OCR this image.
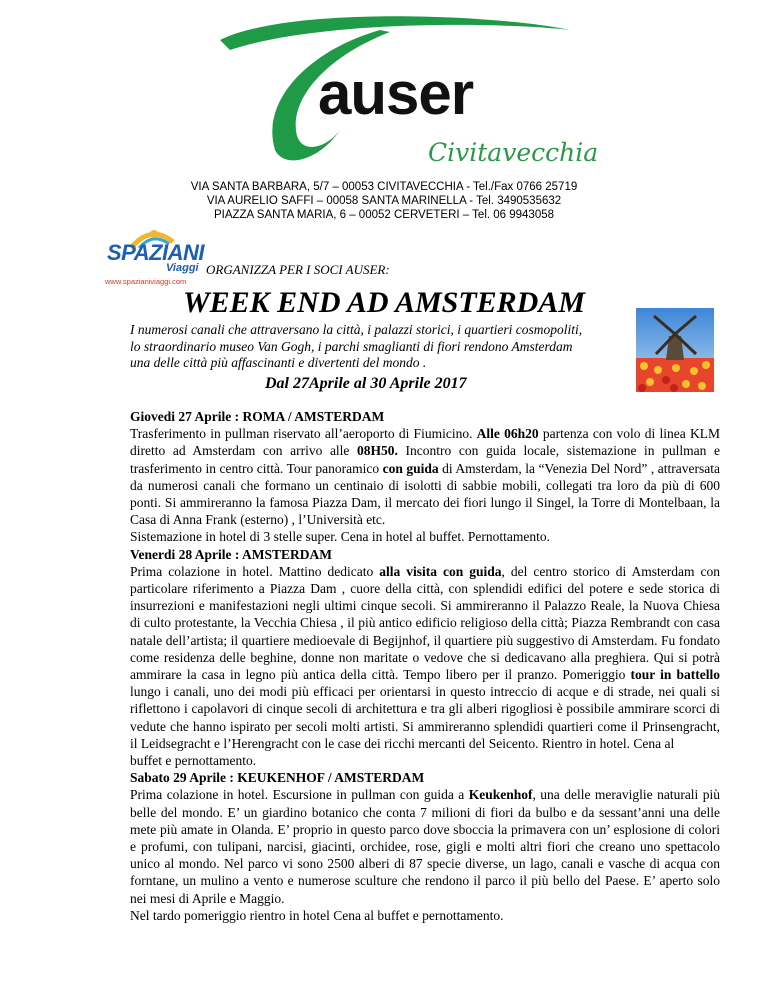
auser
Civitavecchia
VIA SANTA BARBARA, 5/7 – 00053 CIVITAVECCHIA - Tel./Fax 0766 25719
VIA AURELIO SAFFI – 00058 SANTA MARINELLA - Tel. 3490535632
PIAZZA SANTA MARIA, 6 – 00052 CERVETERI – Tel. 06 9943058
SPAZIANI
Viaggi
www.spazianiviaggi.com
ORGANIZZA PER I SOCI AUSER:
WEEK END AD AMSTERDAM
I numerosi canali che attraversano la città, i palazzi storici, i quartieri cosmopoliti,
lo straordinario museo Van Gogh, i parchi smaglianti di fiori rendono Amsterdam
una delle città più affascinanti e divertenti del mondo .
Dal 27Aprile al 30 Aprile 2017

Giovedi 27 Aprile : ROMA / AMSTERDAM

Trasferimento in pullman riservato all’aeroporto di Fiumicino. Alle 06h20 partenza con volo di linea KLM diretto ad Amsterdam con arrivo alle 08H50. Incontro con guida locale, sistemazione in pullman e trasferimento in centro città. Tour panoramico con guida di Amsterdam, la “Venezia Del Nord” , attraversata da numerosi canali che formano un centinaio di isolotti di sabbie mobili, collegati tra loro da più di 600 ponti. Si ammireranno la famosa Piazza Dam, il mercato dei fiori lungo il Singel, la Torre di Montelbaan, la Casa di Anna Frank (esterno) , l’Università etc.

Sistemazione in hotel di 3 stelle super. Cena in hotel al buffet. Pernottamento.

Venerdi 28 Aprile : AMSTERDAM

Prima colazione in hotel. Mattino dedicato alla visita con guida, del centro storico di Amsterdam con particolare riferimento a Piazza Dam , cuore della città, con splendidi edifici del potere e sede storica di insurrezioni e manifestazioni negli ultimi cinque secoli. Si ammireranno il Palazzo Reale, la Nuova Chiesa di culto protestante, la Vecchia Chiesa , il più antico edificio religioso della città; Piazza Rembrandt con casa natale dell’artista; il quartiere medioevale di Begijnhof, il quartiere più suggestivo di Amsterdam. Fu fondato come residenza delle beghine, donne non maritate o vedove che si dedicavano alla preghiera. Qui si potrà ammirare la casa in legno più antica della città. Tempo libero per il pranzo. Pomeriggio tour in battello lungo i canali, uno dei modi più efficaci per orientarsi in questo intreccio di acque e di strade, nei quali si riflettono i capolavori di cinque secoli di architettura e tra gli alberi rigogliosi è possibile ammirare scorci di vedute che hanno ispirato per secoli molti artisti. Si ammireranno splendidi quartieri come il Prinsengracht, il Leidsegracht e l’Herengracht con le case dei ricchi mercanti del Seicento. Rientro in hotel. Cena al

buffet e pernottamento.

Sabato 29 Aprile : KEUKENHOF / AMSTERDAM

Prima colazione in hotel. Escursione in pullman con guida a Keukenhof, una delle meraviglie naturali più belle del mondo. E’ un giardino botanico che conta 7 milioni di fiori da bulbo e da sessant’anni una delle mete più amate in Olanda. E’ proprio in questo parco dove sboccia la primavera con un’ esplosione di colori e profumi, con tulipani, narcisi, giacinti, orchidee, rose, gigli e molti altri fiori che creano uno spettacolo unico al mondo. Nel parco vi sono 2500 alberi di 87 specie diverse, un lago, canali e vasche di acqua con forntane, un mulino a vento e numerose sculture che rendono il parco il più bello del Paese. E’ aperto solo nei mesi di Aprile e Maggio.

Nel tardo pomeriggio rientro in hotel Cena al buffet e pernottamento.
